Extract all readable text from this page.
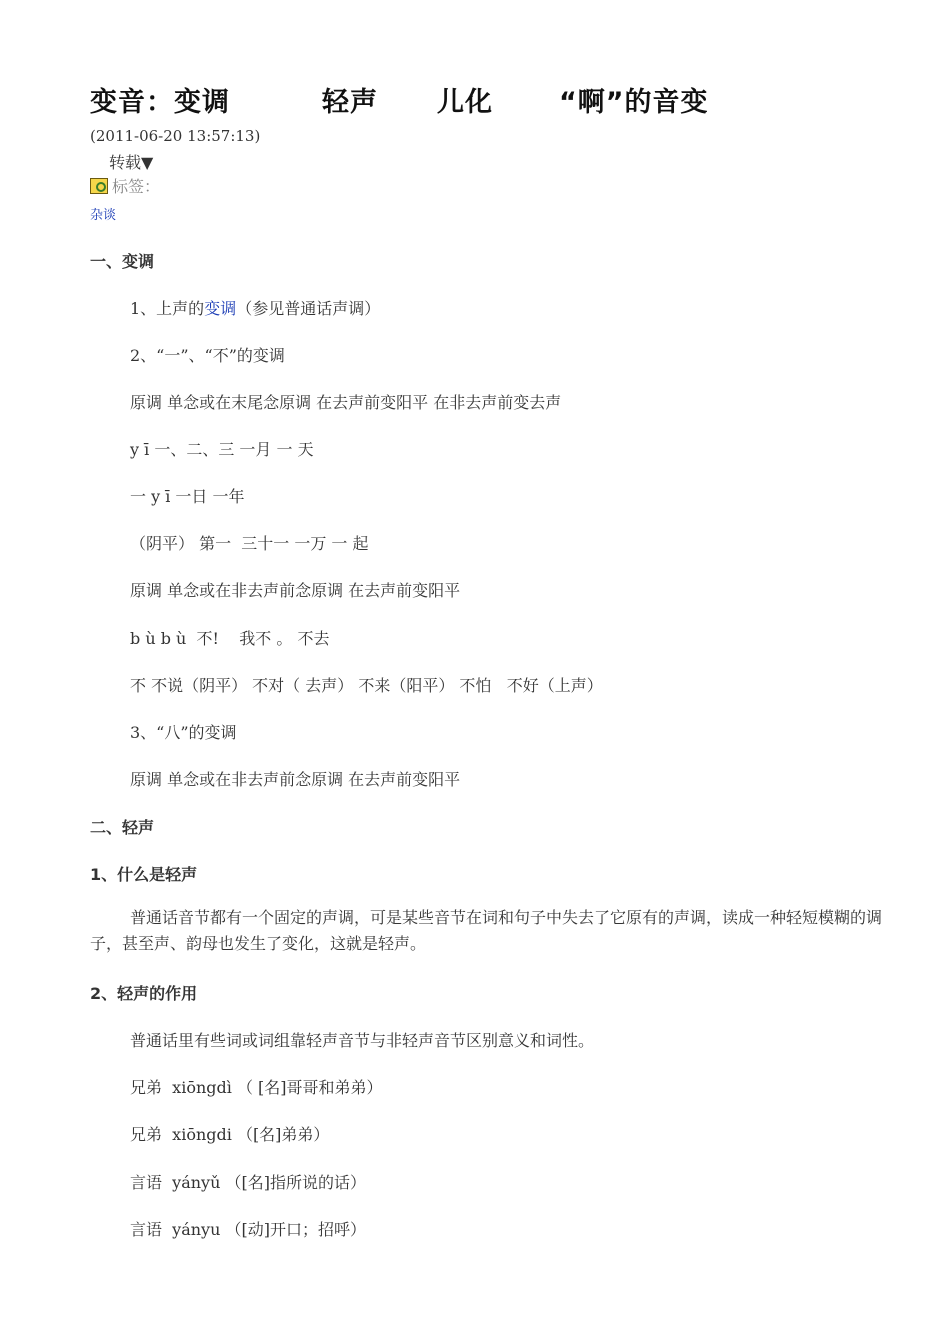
变音：变调	轻声 儿化 “啊”的音变
(2011-06-20 13:57:13)
转载▼
标签：
杂谈
一、变调
1、上声的变调（参见普通话声调）
2、“一”、“不”的变调
原调 单念或在末尾念原调 在去声前变阳平 在非去声前变去声
y ī 一、二、三 一月 一 天
一 y ī 一日 一年
（阴平） 第一  三十一 一万 一 起
原调 单念或在非去声前念原调 在去声前变阳平
b ù b ù  不!    我不 。 不去
不 不说（阴平） 不对（ 去声） 不来（阳平） 不怕   不好（上声）
3、“八”的变调
原调 单念或在非去声前念原调 在去声前变阳平
二、轻声
1、什么是轻声
普通话音节都有一个固定的声调，可是某些音节在词和句子中失去了它原有的声调，读成一种轻短模糊的调子，甚至声、韵母也发生了变化，这就是轻声。
2、轻声的作用
普通话里有些词或词组靠轻声音节与非轻声音节区别意义和词性。
兄弟  xiōngdì （ [名]哥哥和弟弟）
兄弟  xiōngdi （[名]弟弟）
言语  yányǔ （[名]指所说的话）
言语  yányu （[动]开口；招呼）
